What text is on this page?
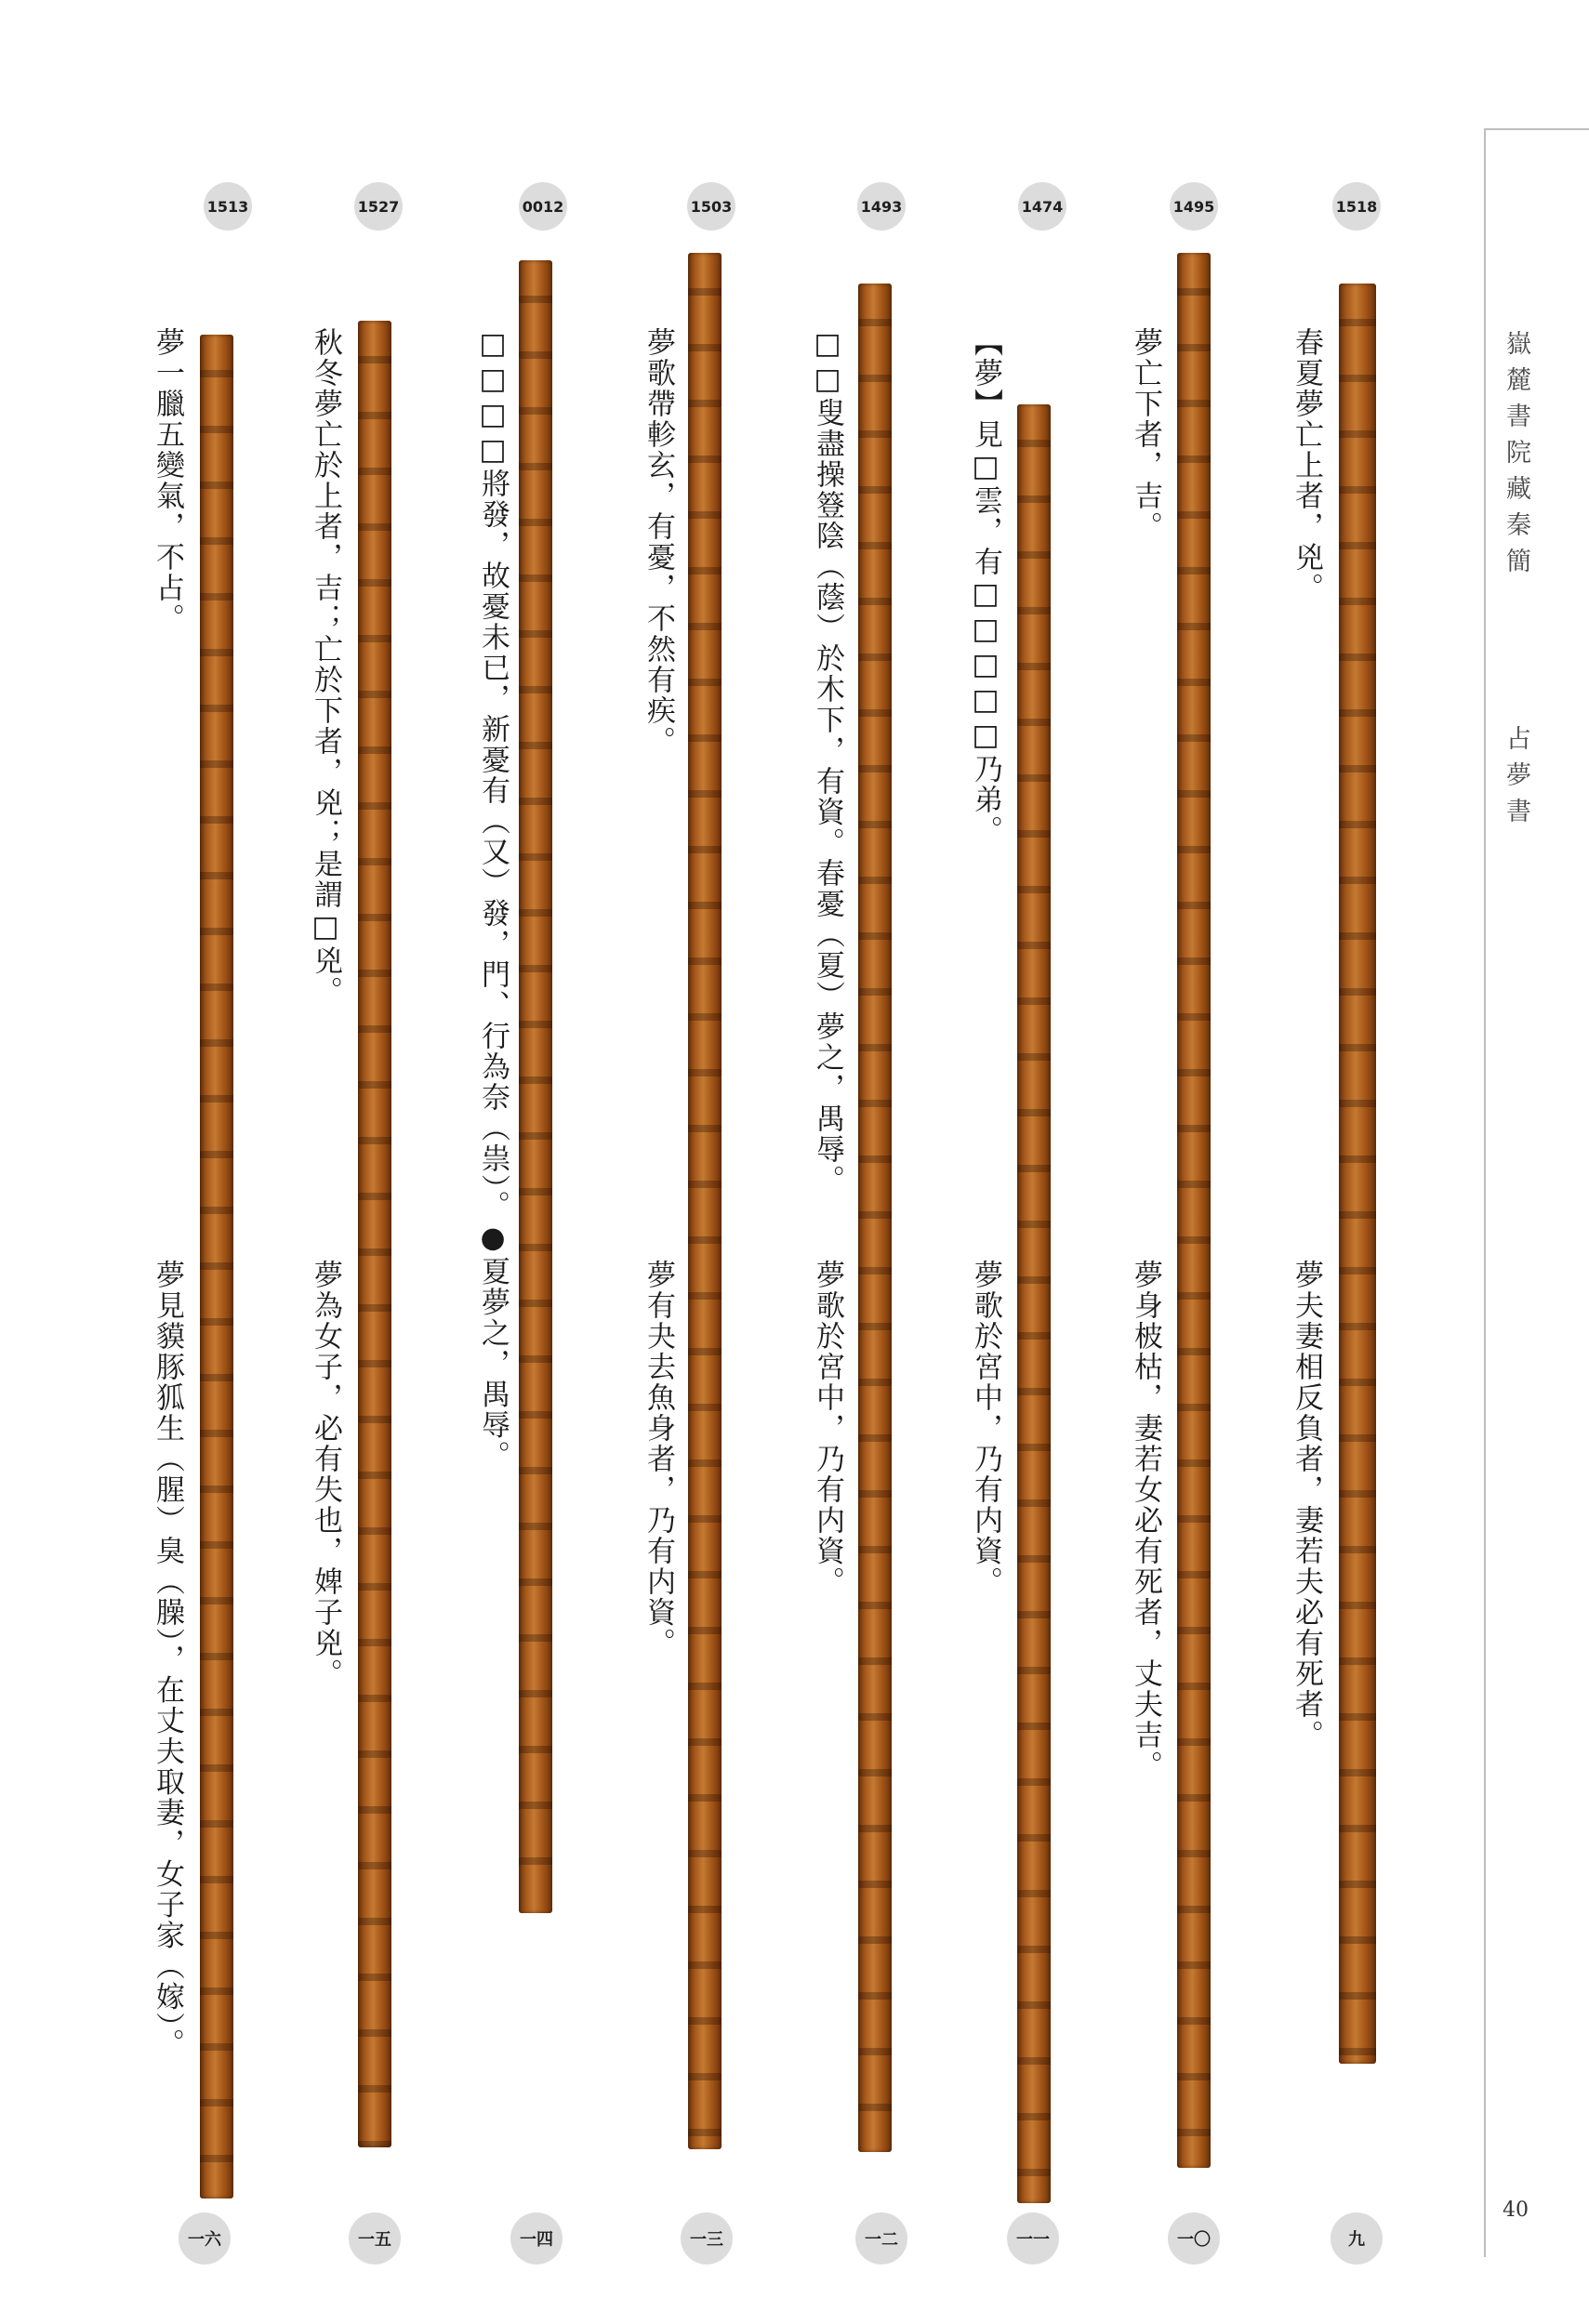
嶽麓書院藏秦簡
占夢書
40
1518
春夏夢亡上者，兇。
夢夫妻相反負者，妻若夫必有死者。
九
1495
夢亡下者，吉。
夢身柀枯，妻若女必有死者，丈夫吉。
一〇
1474
【夢】見□雲，有□□□□□乃弟。
夢歌於宮中，乃有内資。
一一
1493
□□叟盡操簦陰（蔭）於木下，有資。春憂（夏）夢之，禺辱。
夢歌於宮中，乃有内資。
一二
1503
夢歌帶軫玄，有憂，不然有疾。
夢有夬去魚身者，乃有内資。
一三
0012
□□□□將發，故憂未已，新憂有（又）發，門、行為奈（祟）。●夏夢之，禺辱。
一四
1527
秋冬夢亡於上者，吉；亡於下者，兇；是謂□兇。
夢為女子，必有失也，婢子兇。
一五
1513
夢一臘五變氣，不占。
夢見貘豚狐生（腥）臭（臊），在丈夫取妻，女子家（嫁）。
一六
